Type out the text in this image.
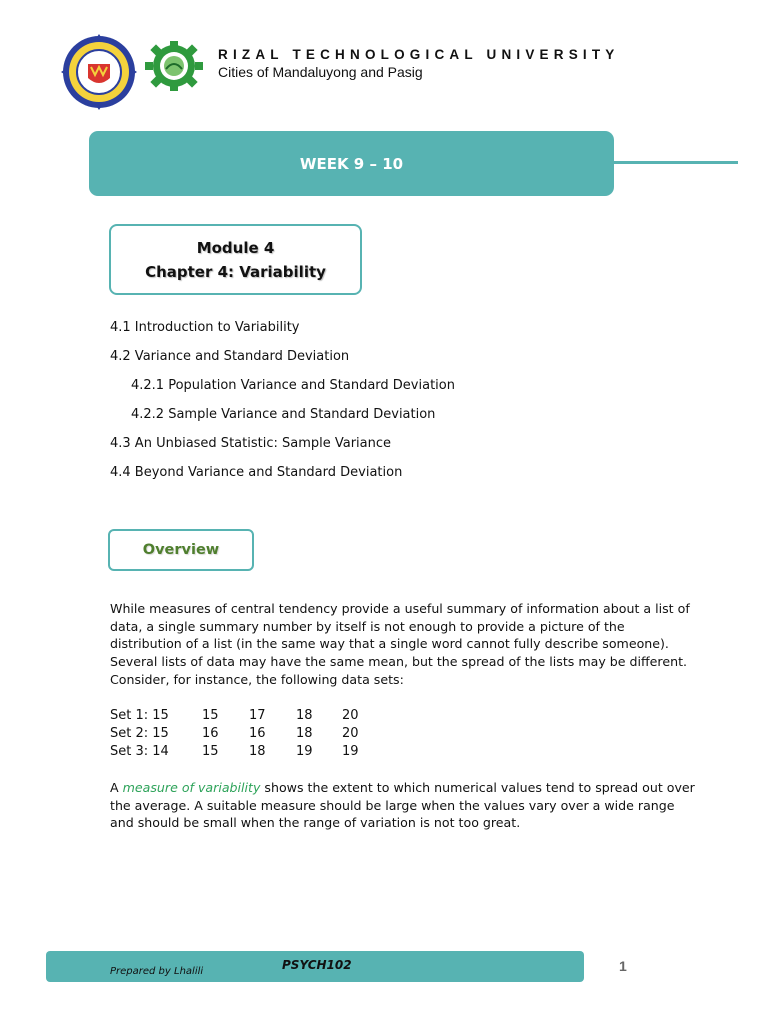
RIZAL TECHNOLOGICAL UNIVERSITY
Cities of Mandaluyong and Pasig
WEEK 9 – 10
Module 4
Chapter 4: Variability
4.1 Introduction to Variability
4.2 Variance and Standard Deviation
4.2.1 Population Variance and Standard Deviation
4.2.2 Sample Variance and Standard Deviation
4.3 An Unbiased Statistic: Sample Variance
4.4 Beyond Variance and Standard Deviation
Overview

While measures of central tendency provide a useful summary of information about a list of data, a single summary number by itself is not enough to provide a picture of the distribution of a list (in the same way that a single word cannot fully describe someone). Several lists of data may have the same mean, but the spread of the lists may be different. Consider, for instance, the following data sets:

Set 1: 15	15 17 18 20
Set 2: 15	16 16 18 20
Set 3: 14	15 18 19 19

A measure of variability shows the extent to which numerical values tend to spread out over the average. A suitable measure should be large when the values vary over a wide range and should be small when the range of variation is not too great.

Prepared by Lhalili	PSYCH102	1
